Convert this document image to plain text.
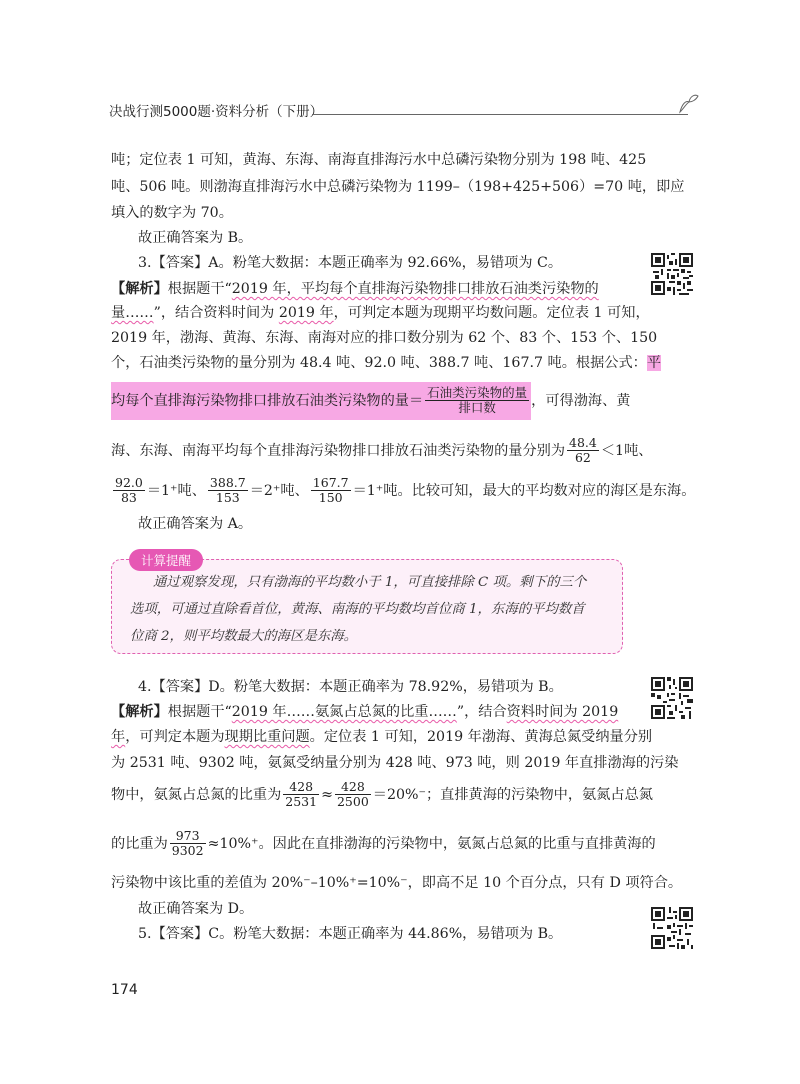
决战行测5000题·资料分析（下册）
吨；定位表 1 可知，黄海、东海、南海直排海污水中总磷污染物分别为 198 吨、425
吨、506 吨。则渤海直排海污水中总磷污染物为 1199–（198+425+506）=70 吨，即应
填入的数字为 70。
故正确答案为 B。
3.【答案】A。粉笔大数据：本题正确率为 92.66%，易错项为 C。
【解析】根据题干“2019 年，平均每个直排海污染物排口排放石油类污染物的
量……”，结合资料时间为 2019 年，可判定本题为现期平均数问题。定位表 1 可知，
2019 年，渤海、黄海、东海、南海对应的排口数分别为 62 个、83 个、153 个、150
个，石油类污染物的量分别为 48.4 吨、92.0 吨、388.7 吨、167.7 吨。根据公式：平
均每个直排海污染物排口排放石油类污染物的量＝ $\frac{\text{石油类污染物的量}}{\text{排口数}}$ ，可得渤海、黄
海、东海、南海平均每个直排海污染物排口排放石油类污染物的量分别为 $\frac{48.4}{62} <1$吨、
$\frac{92.0}{83} =1^+$吨、 $\frac{388.7}{153} =2^+$吨、 $\frac{167.7}{150} =1^+$吨。比较可知，最大的平均数对应的海区是东海。
故正确答案为 A。
计算提醒
通过观察发现，只有渤海的平均数小于 1，可直接排除 C 项。剩下的三个
选项，可通过直除看首位，黄海、南海的平均数均首位商 1，东海的平均数首
位商 2，则平均数最大的海区是东海。
4.【答案】D。粉笔大数据：本题正确率为 78.92%，易错项为 B。
【解析】根据题干“2019 年……氨氮占总氮的比重……”，结合资料时间为 2019
年，可判定本题为现期比重问题。定位表 1 可知，2019 年渤海、黄海总氮受纳量分别
为 2531 吨、9302 吨，氨氮受纳量分别为 428 吨、973 吨，则 2019 年直排渤海的污染
物中，氨氮占总氮的比重为 $\frac{428}{2531} \approx \frac{428}{2500} =20\%^-$；直排黄海的污染物中，氨氮占总氮
的比重为 $\frac{973}{9302} \approx 10\%^+$。因此在直排渤海的污染物中，氨氮占总氮的比重与直排黄海的
污染物中该比重的差值为 20%⁻–10%⁺=10%⁻，即高不足 10 个百分点，只有 D 项符合。
故正确答案为 D。
5.【答案】C。粉笔大数据：本题正确率为 44.86%，易错项为 B。
174
